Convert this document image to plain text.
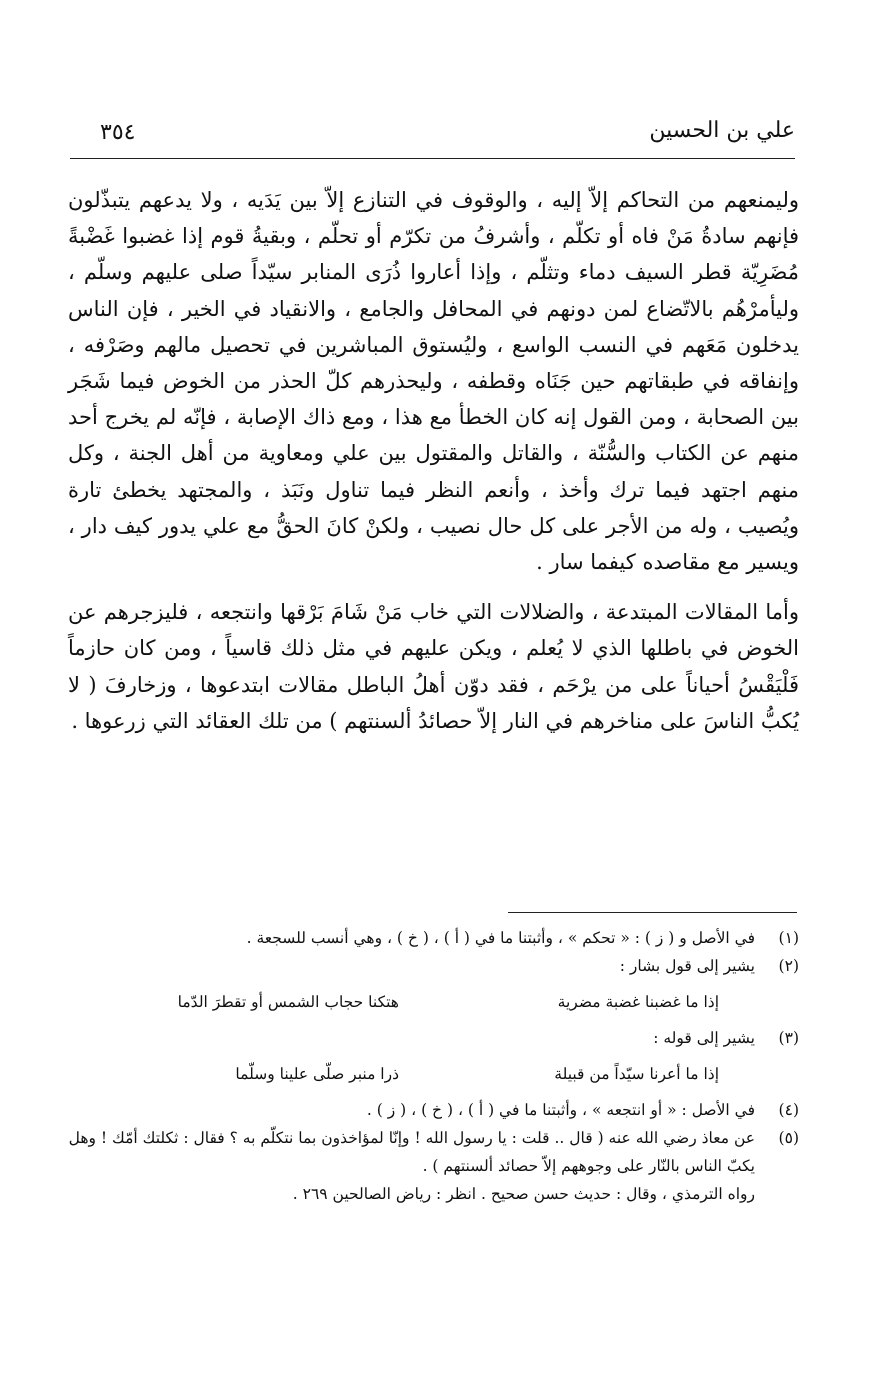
علي بن الحسين
٣٥٤

وليمنعهم من التحاكم إلاّ إليه ، والوقوف في التنازع إلاّ بين يَدَيه ، ولا يدعهم يتبذّلون فإنهم سادةُ مَنْ فاه أو تكلّم ، وأشرفُ من تكرّم أو تحلّم ، وبقيةُ قوم إذا غضبوا غَضْبةً مُضَرِيّة قطر السيف دماء وتثلّم ، وإذا أعاروا ذُرَى المنابر سيّداً صلى عليهم وسلّم ، وليأمرْهُم بالاتّضاع لمن دونهم في المحافل والجامع ، والانقياد في الخير ، فإن الناس يدخلون مَعَهم في النسب الواسع ، وليُستوق المباشرين في تحصيل مالهم وصَرْفه ، وإنفاقه في طبقاتهم حين جَنَاه وقطفه ، وليحذرهم كلّ الحذر من الخوض فيما شَجَر بين الصحابة ، ومن القول إنه كان الخطأ مع هذا ، ومع ذاك الإصابة ، فإنّه لم يخرج أحد منهم عن الكتاب والسُّنّة ، والقاتل والمقتول بين علي ومعاوية من أهل الجنة ، وكل منهم اجتهد فيما ترك وأخذ ، وأنعم النظر فيما تناول ونَبَذ ، والمجتهد يخطئ تارة ويُصيب ، وله من الأجر على كل حال نصيب ، ولكنْ كانَ الحقُّ مع علي يدور كيف دار ، ويسير مع مقاصده كيفما سار .

وأما المقالات المبتدعة ، والضلالات التي خاب مَنْ شَامَ بَرْقها وانتجعه ، فليزجرهم عن الخوض في باطلها الذي لا يُعلم ، ويكن عليهم في مثل ذلك قاسياً ، ومن كان حازماً فَلْيَقْسُ أحياناً على من يرْحَم ، فقد دوّن أهلُ الباطل مقالات ابتدعوها ، وزخارفَ ( لا يُكبُّ الناسَ على مناخرهم في النار إلاّ حصائدُ ألسنتهم ) من تلك العقائد التي زرعوها .

(١)
في الأصل و ( ز ) : « تحكم » ، وأثبتنا ما في ( أ ) ، ( خ ) ، وهي أنسب للسجعة .
(٢)
يشير إلى قول بشار :
إذا ما غضبنا غضبة مضرية
هتكنا حجاب الشمس أو تقطرَ الدّما
(٣)
يشير إلى قوله :
إذا ما أعرنا سيّداً من قبيلة
ذرا منبر صلّى علينا وسلّما
(٤)
في الأصل : « أو انتجعه » ، وأثبتنا ما في ( أ ) ، ( خ ) ، ( ز ) .
(٥)
عن معاذ رضي الله عنه ( قال .. قلت : يا رسول الله ! وإنّا لمؤاخذون بما نتكلّم به ؟ فقال : ثكلتك أمّك ! وهل يكبّ الناس بالنّار على وجوههم إلاّ حصائد ألسنتهم ) .
رواه الترمذي ، وقال : حديث حسن صحيح . انظر : رياض الصالحين ٢٦٩ .
